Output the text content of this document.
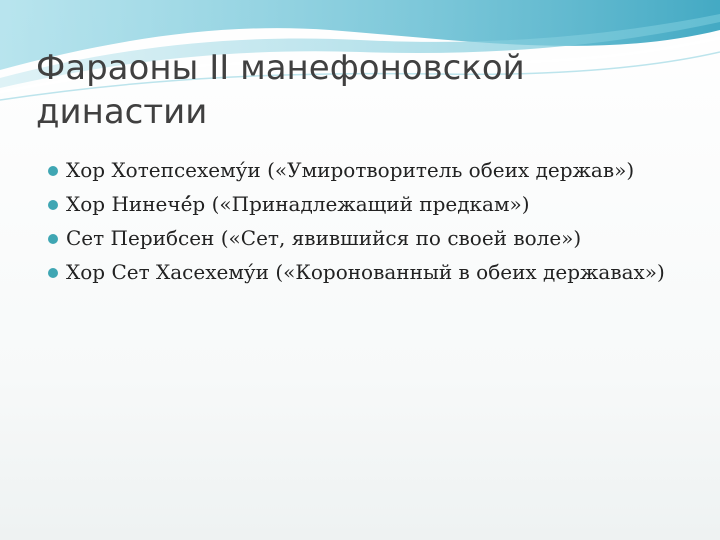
Фараоны II манефоновской династии
Хор Хотепсехему́и («Умиротворитель обеих держав»)
Хор Нинечé́р («Принадлежащий предкам»)
Сет Перибсен («Сет, явившийся по своей воле»)
Хор Сет Хасехему́и («Коронованный в обеих державах»)
